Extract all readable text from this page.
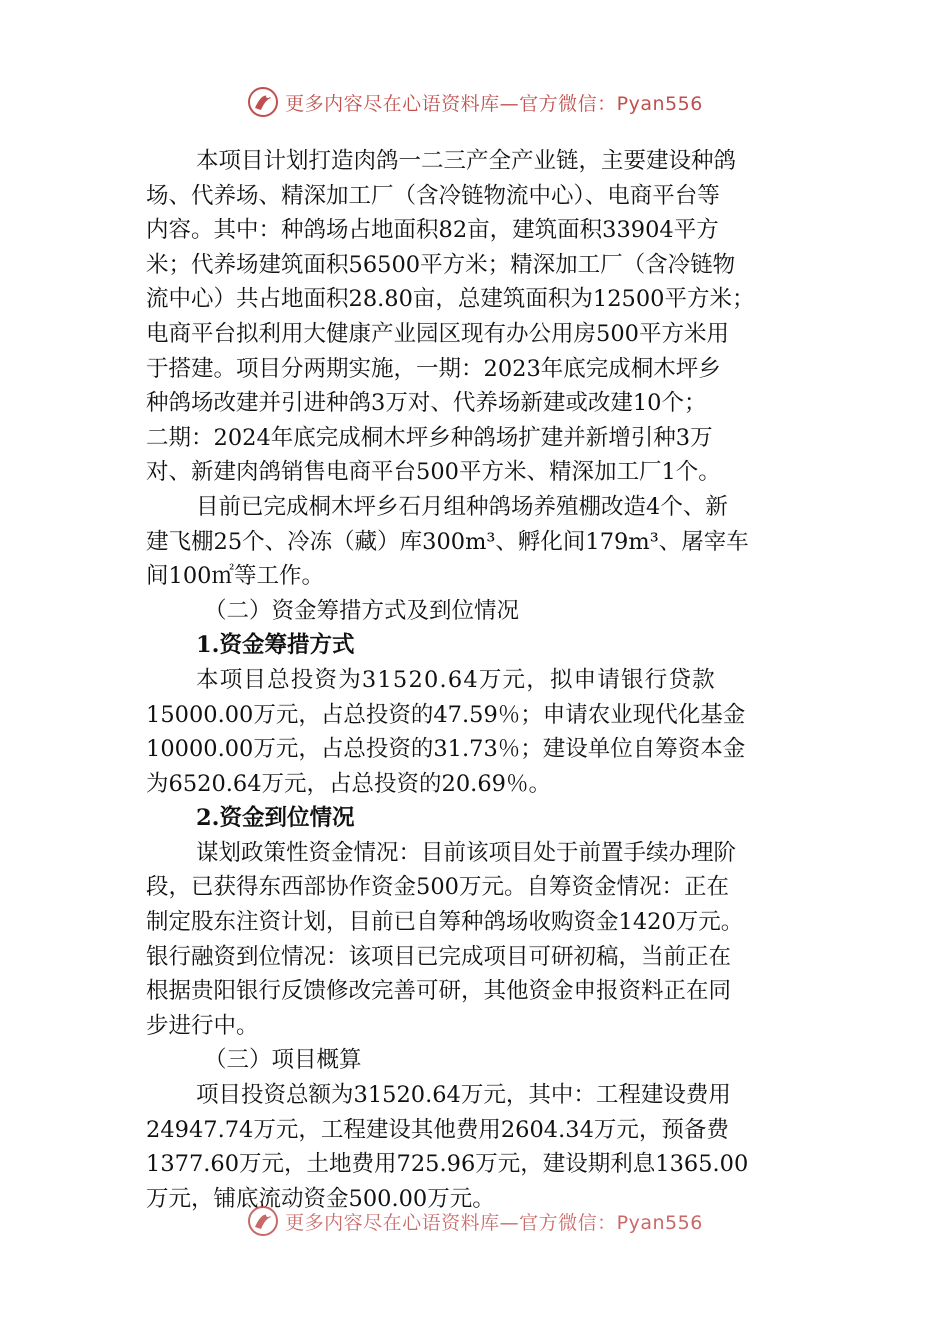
更多内容尽在心语资料库—官方微信：Pyan556
本项目计划打造肉鸽一二三产全产业链，主要建设种鸽
场、代养场、精深加工厂（含冷链物流中心）、电商平台等
内容。其中：种鸽场占地面积82亩，建筑面积33904平方
米；代养场建筑面积56500平方米；精深加工厂（含冷链物
流中心）共占地面积28.80亩，总建筑面积为12500平方米；
电商平台拟利用大健康产业园区现有办公用房500平方米用
于搭建。项目分两期实施，一期：2023年底完成桐木坪乡
种鸽场改建并引进种鸽3万对、代养场新建或改建10个；
二期：2024年底完成桐木坪乡种鸽场扩建并新增引种3万
对、新建肉鸽销售电商平台500平方米、精深加工厂1个。
目前已完成桐木坪乡石月组种鸽场养殖棚改造4个、新
建飞棚25个、冷冻（藏）库300m³、孵化间179m³、屠宰车
间100㎡等工作。
（二）资金筹措方式及到位情况
1.资金筹措方式
本项目总投资为31520.64万元，拟申请银行贷款
15000.00万元，占总投资的47.59％；申请农业现代化基金
10000.00万元，占总投资的31.73％；建设单位自筹资本金
为6520.64万元，占总投资的20.69％。
2.资金到位情况
谋划政策性资金情况：目前该项目处于前置手续办理阶
段，已获得东西部协作资金500万元。自筹资金情况：正在
制定股东注资计划，目前已自筹种鸽场收购资金1420万元。
银行融资到位情况：该项目已完成项目可研初稿，当前正在
根据贵阳银行反馈修改完善可研，其他资金申报资料正在同
步进行中。
（三）项目概算
项目投资总额为31520.64万元，其中：工程建设费用
24947.74万元，工程建设其他费用2604.34万元，预备费
1377.60万元，土地费用725.96万元，建设期利息1365.00
万元，铺底流动资金500.00万元。
更多内容尽在心语资料库—官方微信：Pyan556
